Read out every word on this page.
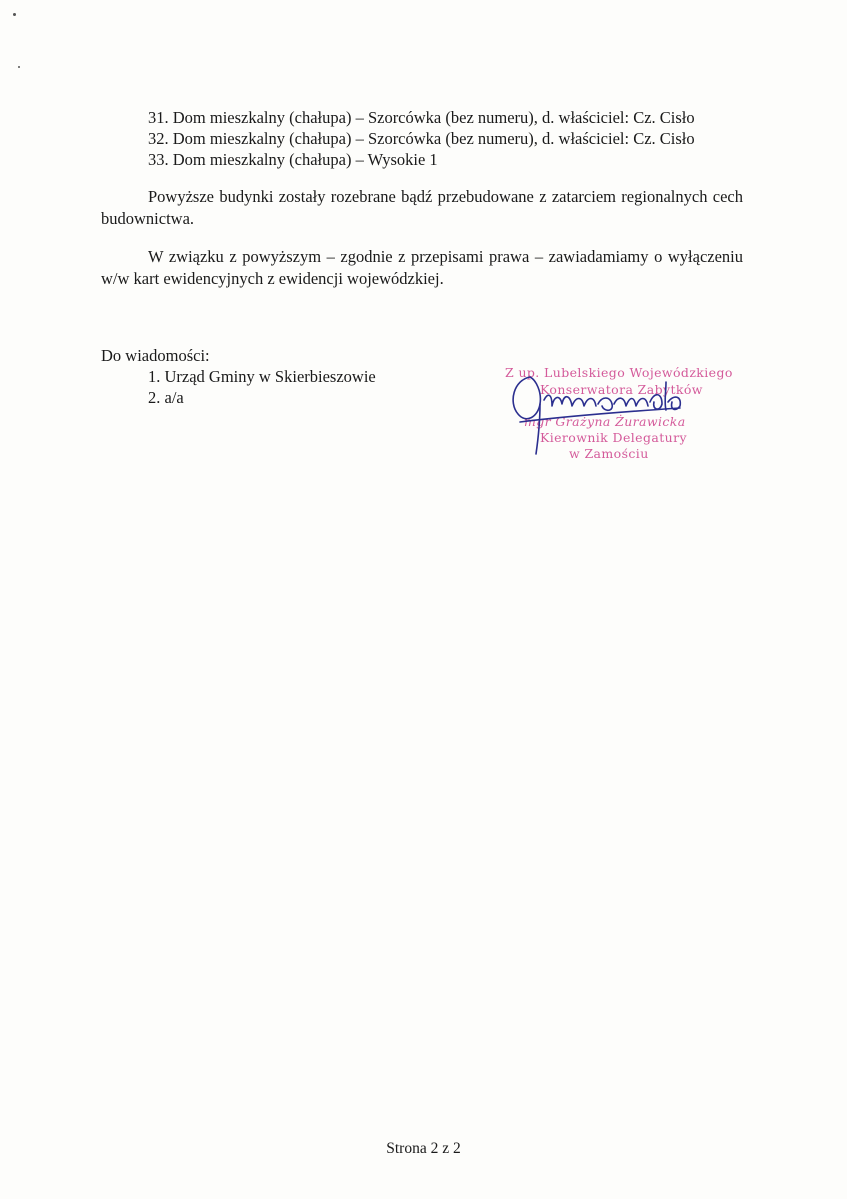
31. Dom mieszkalny (chałupa) – Szorcówka (bez numeru), d. właściciel: Cz. Cisło
32. Dom mieszkalny (chałupa) – Szorcówka (bez numeru), d. właściciel: Cz. Cisło
33. Dom mieszkalny (chałupa) – Wysokie 1

Powyższe budynki zostały rozebrane bądź przebudowane z zatarciem regionalnych cech budownictwa.

W związku z powyższym – zgodnie z przepisami prawa – zawiadamiamy o wyłączeniu w/w kart ewidencyjnych z ewidencji wojewódzkiej.

Do wiadomości:
1. Urząd Gminy w Skierbieszowie
2. a/a
Z up. Lubelskiego Wojewódzkiego
Konserwatora Zabytków
mgr Grażyna Żurawicka
Kierownik Delegatury
w Zamościu
Strona 2 z 2
